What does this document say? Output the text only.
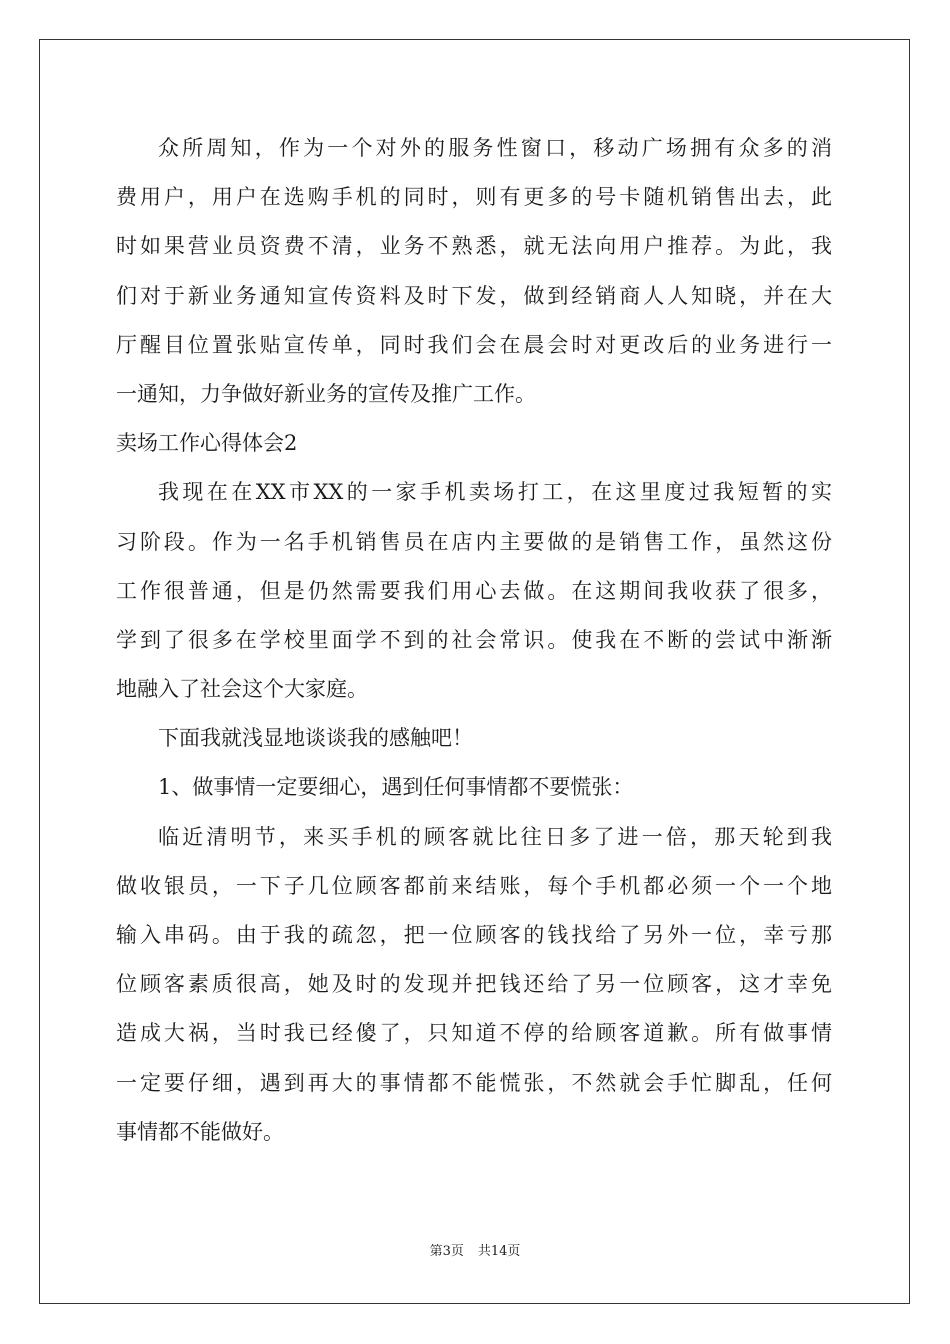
众所周知，作为一个对外的服务性窗口，移动广场拥有众多的消
费用户，用户在选购手机的同时，则有更多的号卡随机销售出去，此
时如果营业员资费不清，业务不熟悉，就无法向用户推荐。为此，我
们对于新业务通知宣传资料及时下发，做到经销商人人知晓，并在大
厅醒目位置张贴宣传单，同时我们会在晨会时对更改后的业务进行一
一通知，力争做好新业务的宣传及推广工作。
卖场工作心得体会2
我现在在XX市XX的一家手机卖场打工，在这里度过我短暂的实
习阶段。作为一名手机销售员在店内主要做的是销售工作，虽然这份
工作很普通，但是仍然需要我们用心去做。在这期间我收获了很多，
学到了很多在学校里面学不到的社会常识。使我在不断的尝试中渐渐
地融入了社会这个大家庭。
下面我就浅显地谈谈我的感触吧！
1、做事情一定要细心，遇到任何事情都不要慌张：
临近清明节，来买手机的顾客就比往日多了进一倍，那天轮到我
做收银员，一下子几位顾客都前来结账，每个手机都必须一个一个地
输入串码。由于我的疏忽，把一位顾客的钱找给了另外一位，幸亏那
位顾客素质很高，她及时的发现并把钱还给了另一位顾客，这才幸免
造成大祸，当时我已经傻了，只知道不停的给顾客道歉。所有做事情
一定要仔细，遇到再大的事情都不能慌张，不然就会手忙脚乱，任何
事情都不能做好。
第3页 共14页
